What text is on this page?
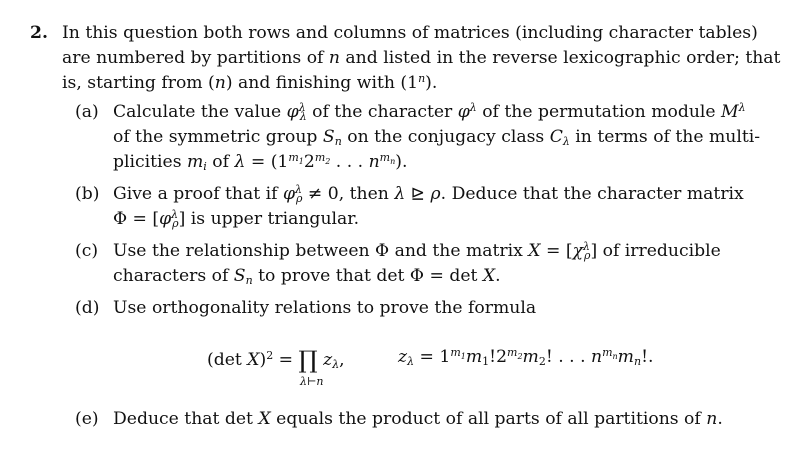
2. In this question both rows and columns of matrices (including character tables)
are numbered by partitions of n and listed in the reverse lexicographic order; that
is, starting from (n) and finishing with (1$^n$).
(a) Calculate the value $\varphi^\lambda_\lambda$ of the character $\varphi^\lambda$ of the permutation module $M^\lambda$
of the symmetric group $S_n$ on the conjugacy class $C_\lambda$ in terms of the multi-
plicities $m_i$ of $\lambda = (1^{m_1}2^{m_2}$ . . . $n^{m_n}$).
(b) Give a proof that if $\varphi^\lambda_\rho \ne 0$, then λ ⊵ ρ. Deduce that the character matrix
$\Phi = [\varphi^\lambda_\rho]$ is upper triangular.
(c) Use the relationship between Φ and the matrix $X = [\chi^\lambda_\rho]$ of irreducible
characters of $S_n$ to prove that det Φ = det X.
(d) Use orthogonality relations to prove the formula
(det X)$^2$ = ∏ $z_\lambda$,
λ⊢n
$z_\lambda = 1^{m_1}m_1!2^{m_2}m_2$! . . . $n^{m_n}m_n$!.
(e) Deduce that det X equals the product of all parts of all partitions of n.
